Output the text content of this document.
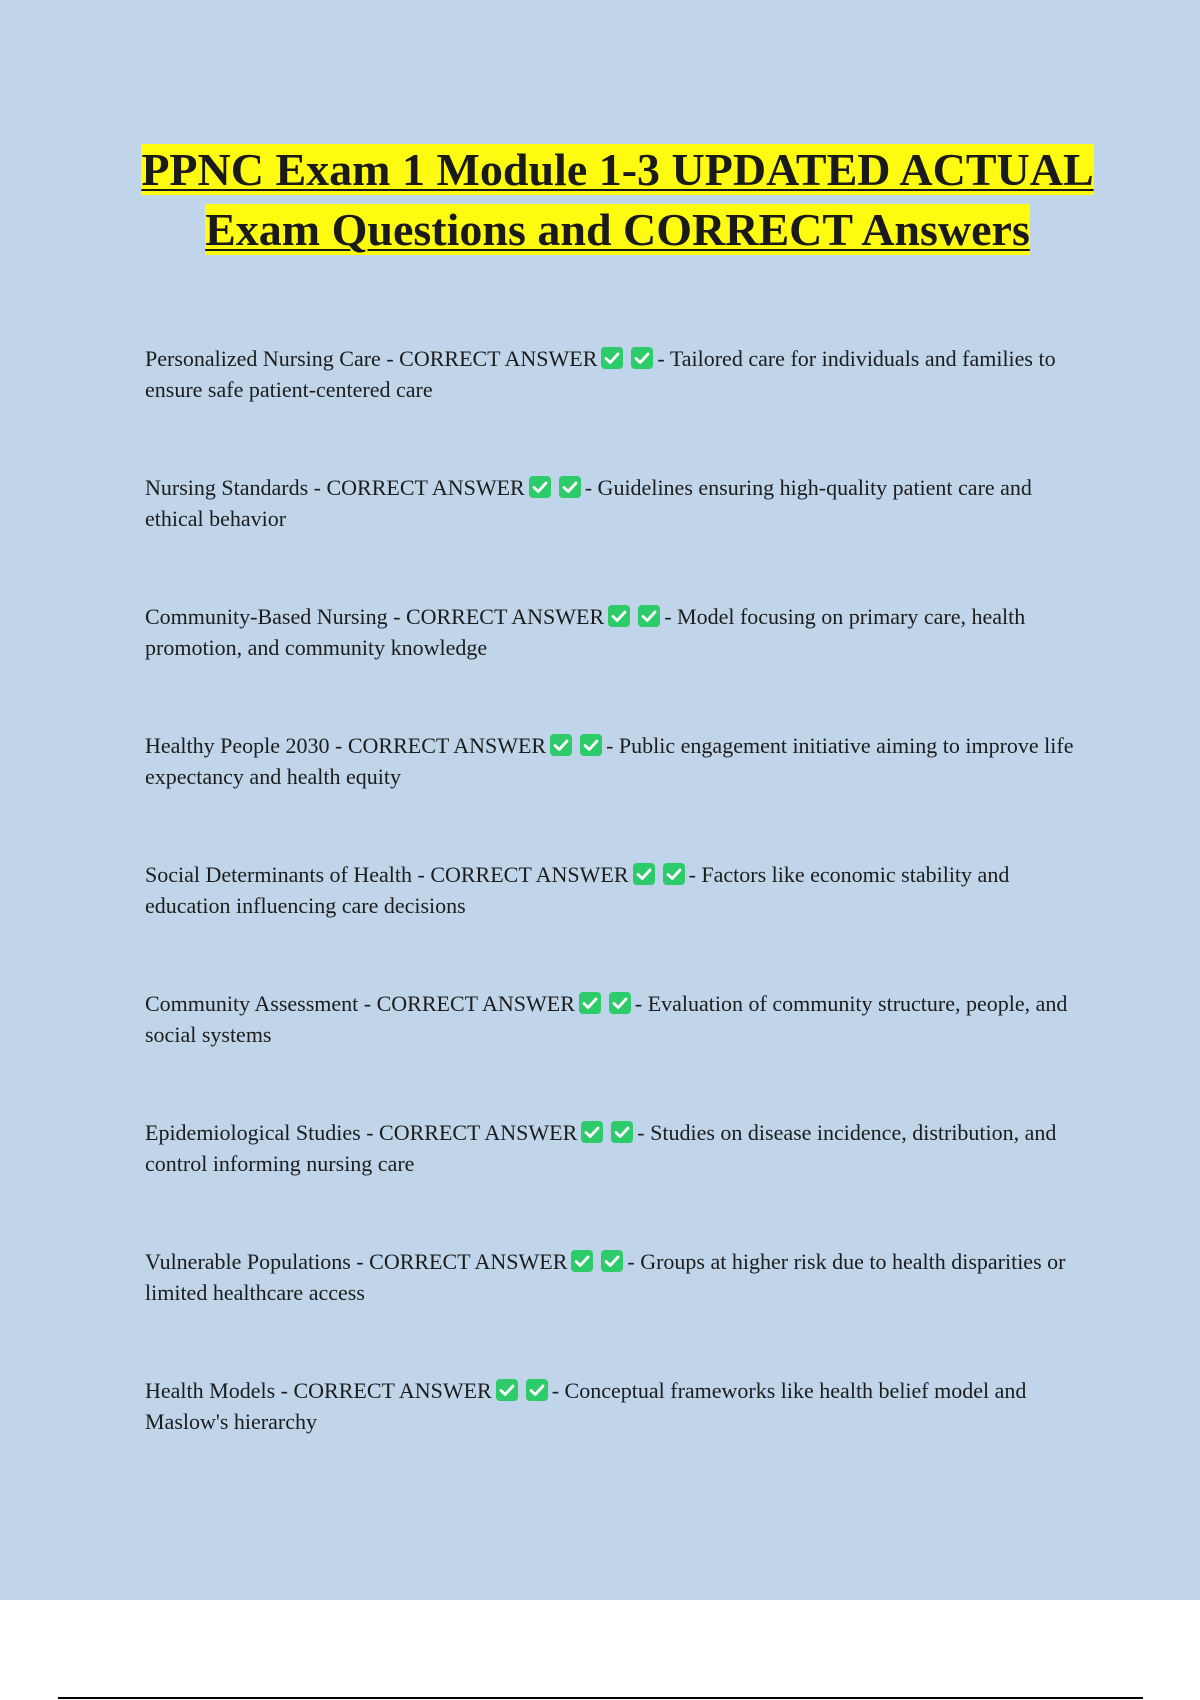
PPNC Exam 1 Module 1-3 UPDATED ACTUAL Exam Questions and CORRECT Answers
Personalized Nursing Care - CORRECT ANSWER	- Tailored care for individuals and families to ensure safe patient-centered care
Nursing Standards - CORRECT ANSWER	- Guidelines ensuring high-quality patient care and ethical behavior
Community-Based Nursing - CORRECT ANSWER	- Model focusing on primary care, health promotion, and community knowledge
Healthy People 2030 - CORRECT ANSWER	- Public engagement initiative aiming to improve life expectancy and health equity
Social Determinants of Health - CORRECT ANSWER	- Factors like economic stability and education influencing care decisions
Community Assessment - CORRECT ANSWER	- Evaluation of community structure, people, and social systems
Epidemiological Studies - CORRECT ANSWER	- Studies on disease incidence, distribution, and control informing nursing care
Vulnerable Populations - CORRECT ANSWER	- Groups at higher risk due to health disparities or limited healthcare access
Health Models - CORRECT ANSWER	- Conceptual frameworks like health belief model and Maslow's hierarchy
